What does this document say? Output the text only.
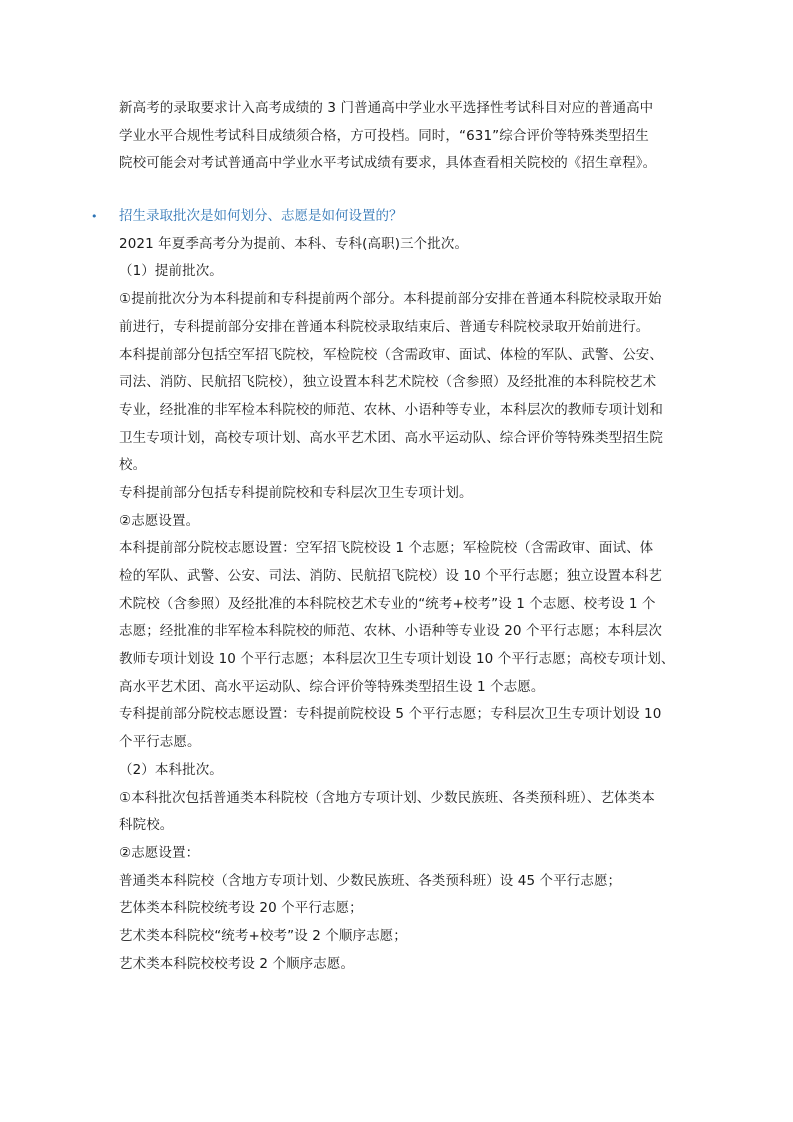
新高考的录取要求计入高考成绩的 3 门普通高中学业水平选择性考试科目对应的普通高中
学业水平合规性考试科目成绩须合格，方可投档。同时，“631”综合评价等特殊类型招生
院校可能会对考试普通高中学业水平考试成绩有要求，具体查看相关院校的《招生章程》。
• 招生录取批次是如何划分、志愿是如何设置的？
2021 年夏季高考分为提前、本科、专科(高职)三个批次。
（1）提前批次。
①提前批次分为本科提前和专科提前两个部分。本科提前部分安排在普通本科院校录取开始
前进行，专科提前部分安排在普通本科院校录取结束后、普通专科院校录取开始前进行。
本科提前部分包括空军招飞院校，军检院校（含需政审、面试、体检的军队、武警、公安、
司法、消防、民航招飞院校），独立设置本科艺术院校（含参照）及经批准的本科院校艺术
专业，经批准的非军检本科院校的师范、农林、小语种等专业，本科层次的教师专项计划和
卫生专项计划，高校专项计划、高水平艺术团、高水平运动队、综合评价等特殊类型招生院
校。
专科提前部分包括专科提前院校和专科层次卫生专项计划。
②志愿设置。
本科提前部分院校志愿设置：空军招飞院校设 1 个志愿；军检院校（含需政审、面试、体
检的军队、武警、公安、司法、消防、民航招飞院校）设 10 个平行志愿；独立设置本科艺
术院校（含参照）及经批准的本科院校艺术专业的“统考+校考”设 1 个志愿、校考设 1 个
志愿；经批准的非军检本科院校的师范、农林、小语种等专业设 20 个平行志愿；本科层次
教师专项计划设 10 个平行志愿；本科层次卫生专项计划设 10 个平行志愿；高校专项计划、
高水平艺术团、高水平运动队、综合评价等特殊类型招生设 1 个志愿。
专科提前部分院校志愿设置：专科提前院校设 5 个平行志愿；专科层次卫生专项计划设 10
个平行志愿。
（2）本科批次。
①本科批次包括普通类本科院校（含地方专项计划、少数民族班、各类预科班）、艺体类本
科院校。
②志愿设置：
普通类本科院校（含地方专项计划、少数民族班、各类预科班）设 45 个平行志愿；
艺体类本科院校统考设 20 个平行志愿；
艺术类本科院校“统考+校考”设 2 个顺序志愿；
艺术类本科院校校考设 2 个顺序志愿。
